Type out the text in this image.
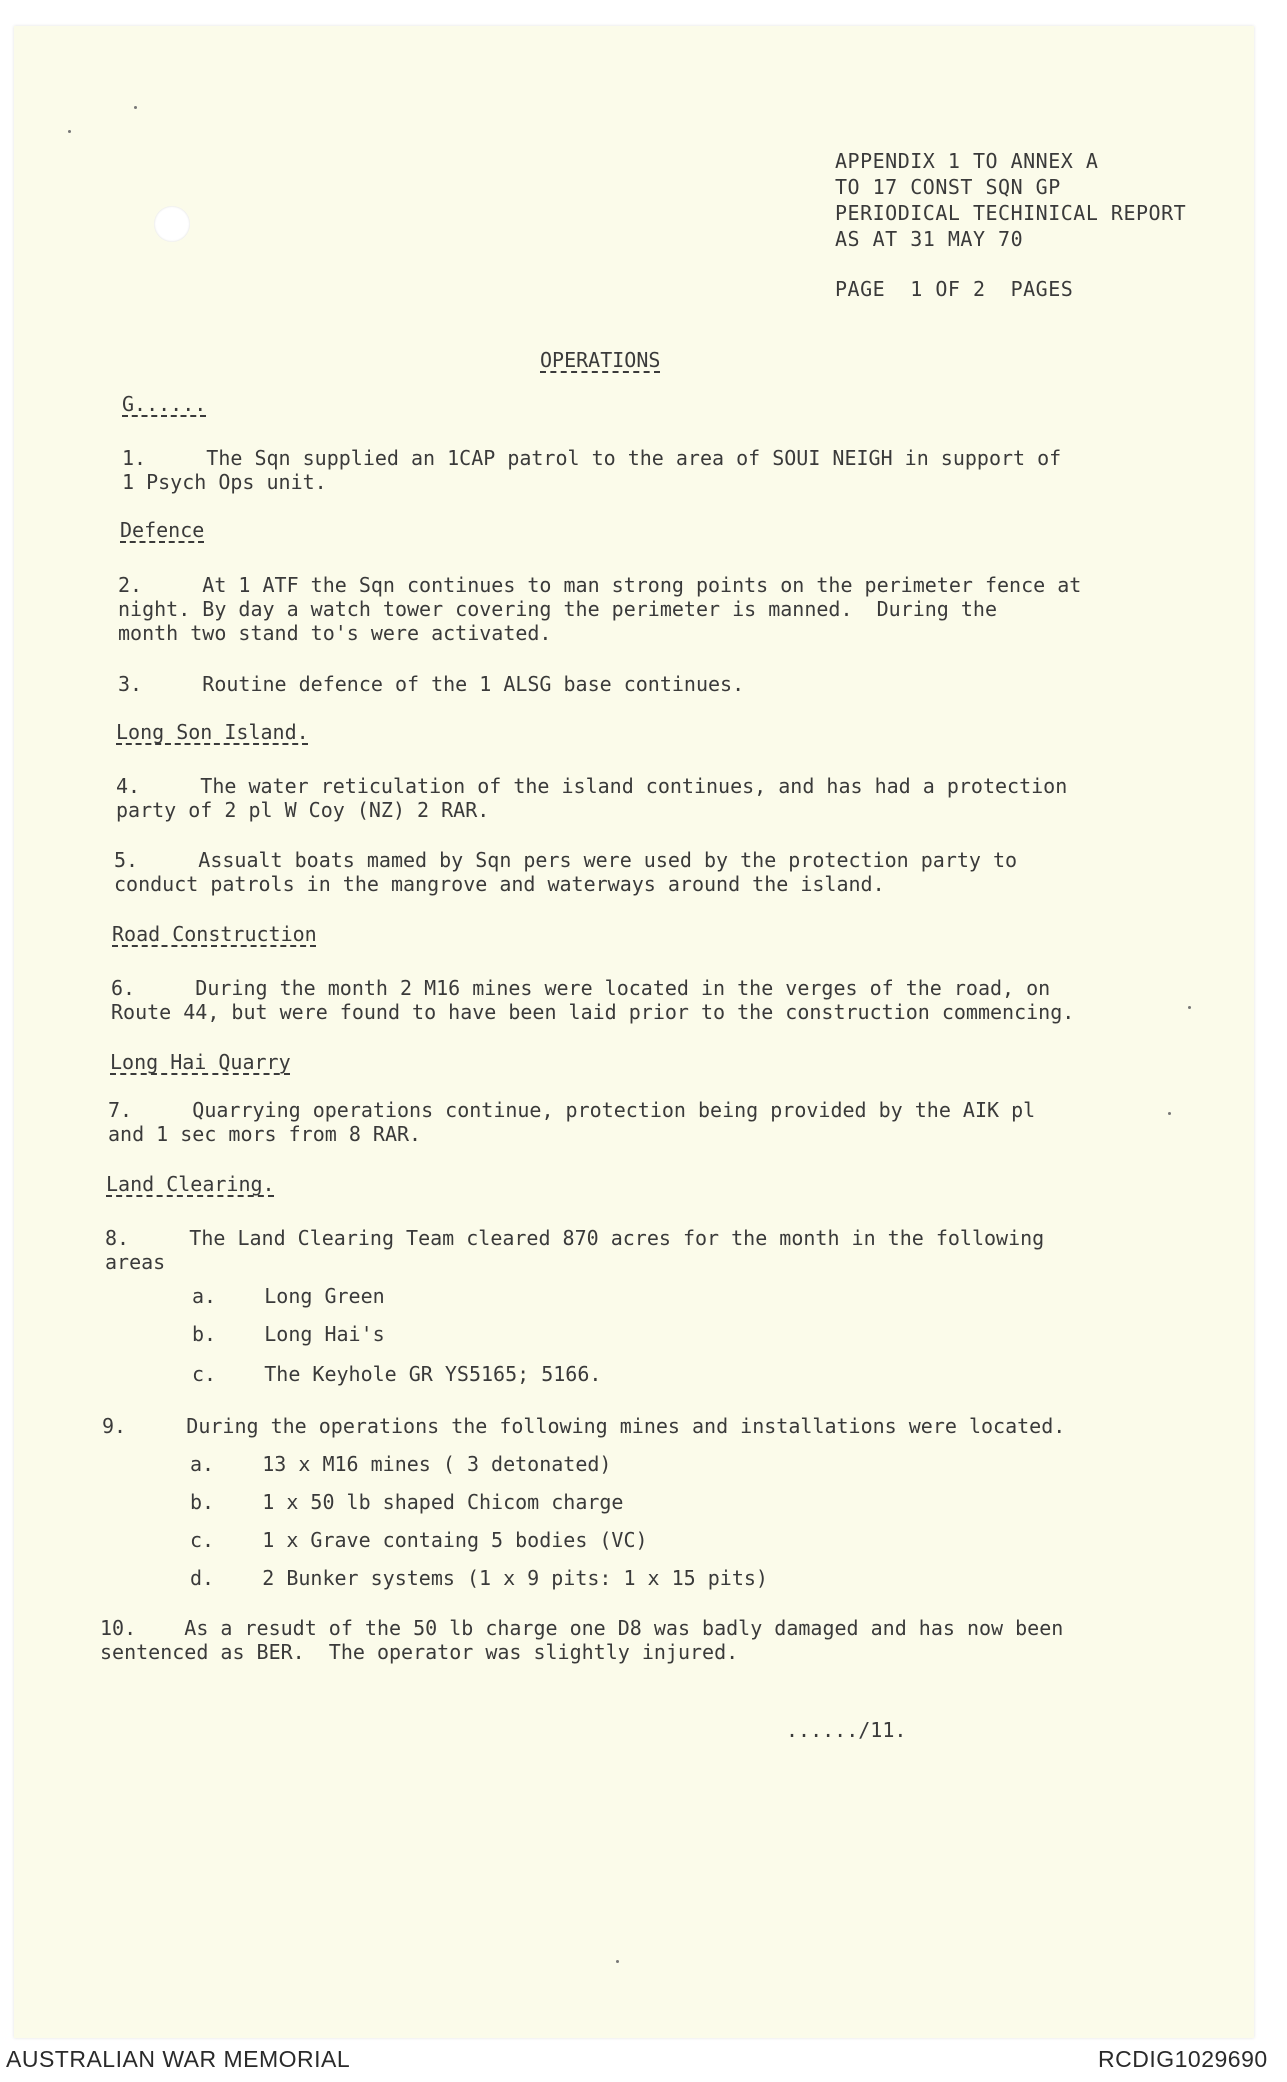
APPENDIX 1 TO ANNEX A
TO 17 CONST SQN GP
PERIODICAL TECHINICAL REPORT
AS AT 31 MAY 70
PAGE  1 OF 2  PAGES
OPERATIONS
G......
1.     The Sqn supplied an 1CAP patrol to the area of SOUI NEIGH in support of
1 Psych Ops unit.
Defence
2.     At 1 ATF the Sqn continues to man strong points on the perimeter fence at
night. By day a watch tower covering the perimeter is manned.  During the
month two stand to's were activated.
3.     Routine defence of the 1 ALSG base continues.
Long Son Island.
4.     The water reticulation of the island continues, and has had a protection
party of 2 pl W Coy (NZ) 2 RAR.
5.     Assualt boats mamed by Sqn pers were used by the protection party to
conduct patrols in the mangrove and waterways around the island.
Road Construction
6.     During the month 2 M16 mines were located in the verges of the road, on
Route 44, but were found to have been laid prior to the construction commencing.
Long Hai Quarry
7.     Quarrying operations continue, protection being provided by the AIK pl
and 1 sec mors from 8 RAR.
Land Clearing.
8.     The Land Clearing Team cleared 870 acres for the month in the following
areas
a.    Long Green
b.    Long Hai's
c.    The Keyhole GR YS5165; 5166.
9.     During the operations the following mines and installations were located.
a.    13 x M16 mines ( 3 detonated)
b.    1 x 50 lb shaped Chicom charge
c.    1 x Grave containg 5 bodies (VC)
d.    2 Bunker systems (1 x 9 pits: 1 x 15 pits)
10.    As a resudt of the 50 lb charge one D8 was badly damaged and has now been
sentenced as BER.  The operator was slightly injured.
....../11.
AUSTRALIAN WAR MEMORIAL	RCDIG1029690
